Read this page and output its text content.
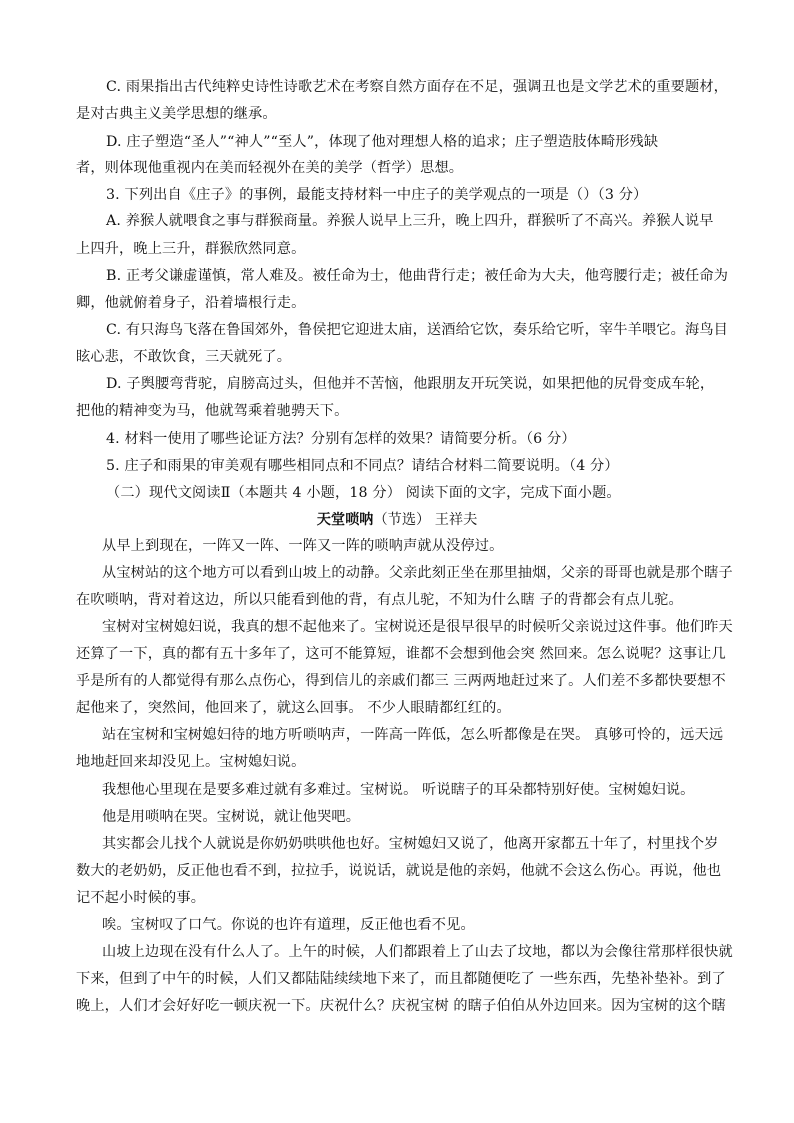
C. 雨果指出古代纯粹史诗性诗歌艺术在考察自然方面存在不足，强调丑也是文学艺术的重要题材，
是对古典主义美学思想的继承。
D. 庄子塑造“圣人”“神人”“至人”，体现了他对理想人格的追求；庄子塑造肢体畸形残缺
者，则体现他重视内在美而轻视外在美的美学（哲学）思想。
3. 下列出自《庄子》的事例，最能支持材料一中庄子的美学观点的一项是（）（3 分）
A. 养猴人就喂食之事与群猴商量。养猴人说早上三升，晚上四升，群猴听了不高兴。养猴人说早
上四升，晚上三升，群猴欣然同意。
B. 正考父谦虚谨慎，常人难及。被任命为士，他曲背行走；被任命为大夫，他弯腰行走；被任命为
卿，他就俯着身子，沿着墙根行走。
C. 有只海鸟飞落在鲁国郊外，鲁侯把它迎进太庙，送酒给它饮，奏乐给它听，宰牛羊喂它。海鸟目
眩心悲，不敢饮食，三天就死了。
D. 子舆腰弯背驼，肩膀高过头，但他并不苦恼，他跟朋友开玩笑说，如果把他的尻骨变成车轮，
把他的精神变为马，他就驾乘着驰骋天下。
4. 材料一使用了哪些论证方法？分别有怎样的效果？请简要分析。（6 分）
5. 庄子和雨果的审美观有哪些相同点和不同点？请结合材料二简要说明。（4 分）
（二）现代文阅读Ⅱ（本题共 4 小题，18 分） 阅读下面的文字，完成下面小题。
天堂唢呐（节选） 王祥夫
从早上到现在，一阵又一阵、一阵又一阵的唢呐声就从没停过。
从宝树站的这个地方可以看到山坡上的动静。父亲此刻正坐在那里抽烟，父亲的哥哥也就是那个瞎子
在吹唢呐，背对着这边，所以只能看到他的背，有点儿驼，不知为什么瞎 子的背都会有点儿驼。
宝树对宝树媳妇说，我真的想不起他来了。宝树说还是很早很早的时候听父亲说过这件事。他们昨天
还算了一下，真的都有五十多年了，这可不能算短，谁都不会想到他会突 然回来。怎么说呢？这事让几
乎是所有的人都觉得有那么点伤心，得到信儿的亲戚们都三 三两两地赶过来了。人们差不多都快要想不
起他来了，突然间，他回来了，就这么回事。 不少人眼睛都红红的。
站在宝树和宝树媳妇待的地方听唢呐声，一阵高一阵低，怎么听都像是在哭。 真够可怜的，远天远
地地赶回来却没见上。宝树媳妇说。
我想他心里现在是要多难过就有多难过。宝树说。 听说瞎子的耳朵都特别好使。宝树媳妇说。
他是用唢呐在哭。宝树说，就让他哭吧。
其实都会儿找个人就说是你奶奶哄哄他也好。宝树媳妇又说了，他离开家都五十年了，村里找个岁
数大的老奶奶，反正他也看不到，拉拉手，说说话，就说是他的亲妈，他就不会这么伤心。再说，他也
记不起小时候的事。
唉。宝树叹了口气。你说的也许有道理，反正他也看不见。
山坡上边现在没有什么人了。上午的时候，人们都跟着上了山去了坟地，都以为会像往常那样很快就
下来，但到了中午的时候，人们又都陆陆续续地下来了，而且都随便吃了 一些东西，先垫补垫补。到了
晚上，人们才会好好吃一顿庆祝一下。庆祝什么？庆祝宝树 的瞎子伯伯从外边回来。因为宝树的这个瞎
